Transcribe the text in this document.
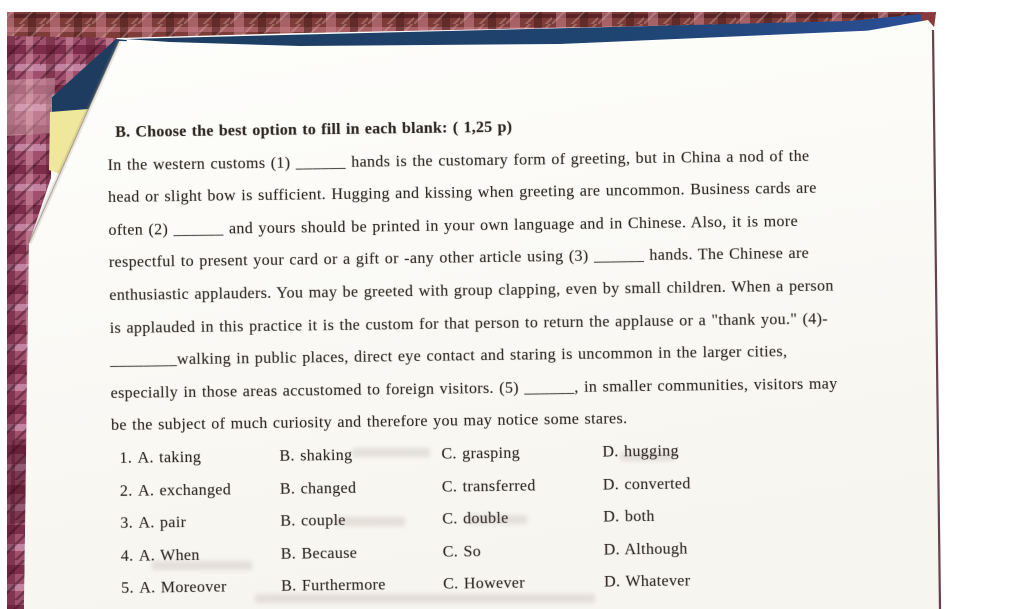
B. Choose the best option to fill in each blank: ( 1,25 p)
In the western customs (1) ______ hands is the customary form of greeting, but in China a nod of the
head or slight bow is sufficient. Hugging and kissing when greeting are uncommon. Business cards are
often (2) ______ and yours should be printed in your own language and in Chinese. Also, it is more
respectful to present your card or a gift or -any other article using (3) ______ hands. The Chinese are
enthusiastic applauders. You may be greeted with group clapping, even by small children. When a person
is applauded in this practice it is the custom for that person to return the applause or a "thank you." (4)-
________walking in public places, direct eye contact and staring is uncommon in the larger cities,
especially in those areas accustomed to foreign visitors. (5) ______, in smaller communities, visitors may
be the subject of much curiosity and therefore you may notice some stares.
1. A. taking	B. shaking	C. grasping	D. hugging
2. A. exchanged	B. changed	C. transferred	D. converted
3. A. pair	B. couple	C. double	D. both
4. A. When	B. Because	C. So	D. Although
5. A. Moreover	B. Furthermore	C. However	D. Whatever
